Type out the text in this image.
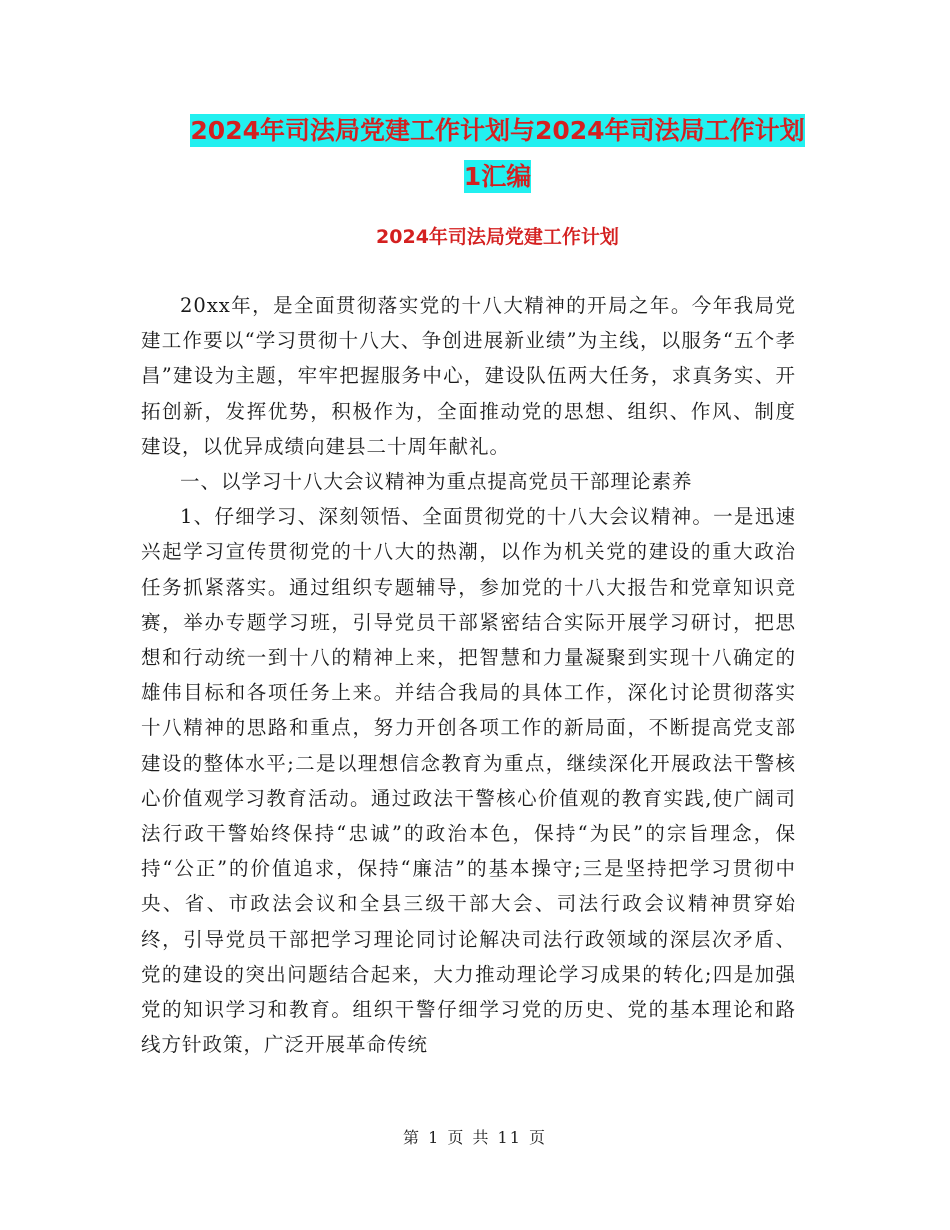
2024年司法局党建工作计划与2024年司法局工作计划
1汇编
2024年司法局党建工作计划

20xx年，是全面贯彻落实党的十八大精神的开局之年。今年我局党建工作要以“学习贯彻十八大、争创进展新业绩”为主线，以服务“五个孝昌”建设为主题，牢牢把握服务中心，建设队伍两大任务，求真务实、开拓创新，发挥优势，积极作为，全面推动党的思想、组织、作风、制度建设，以优异成绩向建县二十周年献礼。

一、以学习十八大会议精神为重点提高党员干部理论素养

1、仔细学习、深刻领悟、全面贯彻党的十八大会议精神。一是迅速兴起学习宣传贯彻党的十八大的热潮，以作为机关党的建设的重大政治任务抓紧落实。通过组织专题辅导，参加党的十八大报告和党章知识竞赛，举办专题学习班，引导党员干部紧密结合实际开展学习研讨，把思想和行动统一到十八的精神上来，把智慧和力量凝聚到实现十八确定的雄伟目标和各项任务上来。并结合我局的具体工作，深化讨论贯彻落实十八精神的思路和重点，努力开创各项工作的新局面，不断提高党支部建设的整体水平;二是以理想信念教育为重点，继续深化开展政法干警核心价值观学习教育活动。通过政法干警核心价值观的教育实践,使广阔司法行政干警始终保持“忠诚”的政治本色，保持“为民”的宗旨理念，保持“公正”的价值追求，保持“廉洁”的基本操守;三是坚持把学习贯彻中央、省、市政法会议和全县三级干部大会、司法行政会议精神贯穿始终，引导党员干部把学习理论同讨论解决司法行政领域的深层次矛盾、党的建设的突出问题结合起来，大力推动理论学习成果的转化;四是加强党的知识学习和教育。组织干警仔细学习党的历史、党的基本理论和路线方针政策，广泛开展革命传统

第 1 页 共 11 页
